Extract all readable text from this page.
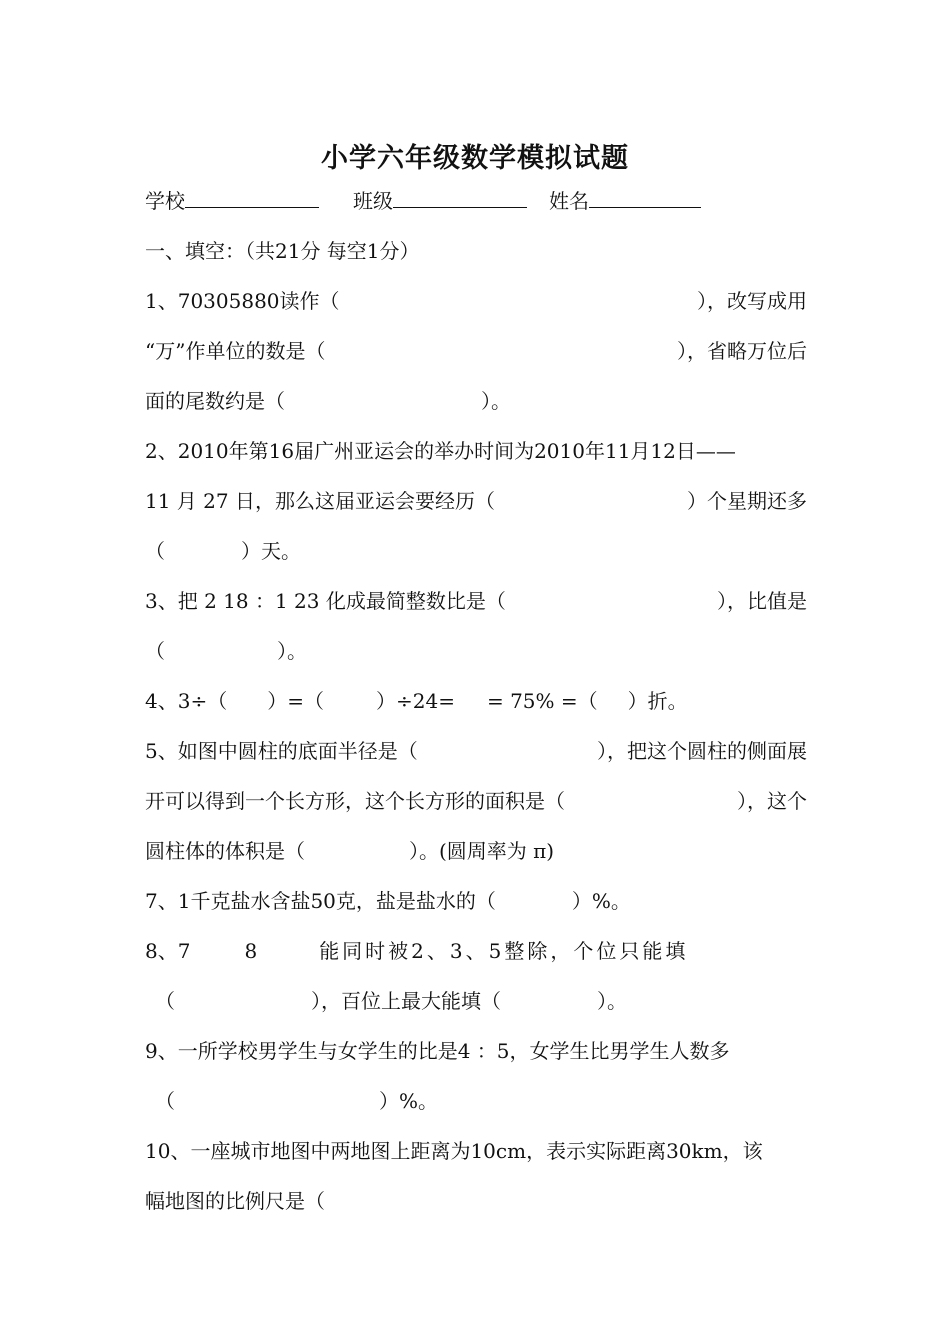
小学六年级数学模拟试题
学校	班级	姓名
一、填空：（共21分 每空1分）
1、70305880读作（	），改写成用
“万”作单位的数是（	），省略万位后
面的尾数约是（	）。
2、2010年第16届广州亚运会的举办时间为2010年11月12日——
11 月 27 日，那么这届亚运会要经历（	）个星期还多
（	）天。
3、把 2 18 ：1 23 化成最简整数比是（	），比值是
（	）。
4、3÷（ ）=（	）÷24= = 75% =（ ）折。
5、如图中圆柱的底面半径是（	），把这个圆柱的侧面展
开可以得到一个长方形，这个长方形的面积是（	），这个
圆柱体的体积是（	）。(圆周率为 π)
7、1千克盐水含盐50克，盐是盐水的（	）%。
8、7	8	能同时被2、3、5整除，个位只能填
（	），百位上最大能填（	）。
9、一所学校男学生与女学生的比是4 ：5，女学生比男学生人数多
（	）%。
10、一座城市地图中两地图上距离为10cm，表示实际距离30km，该
幅地图的比例尺是（
